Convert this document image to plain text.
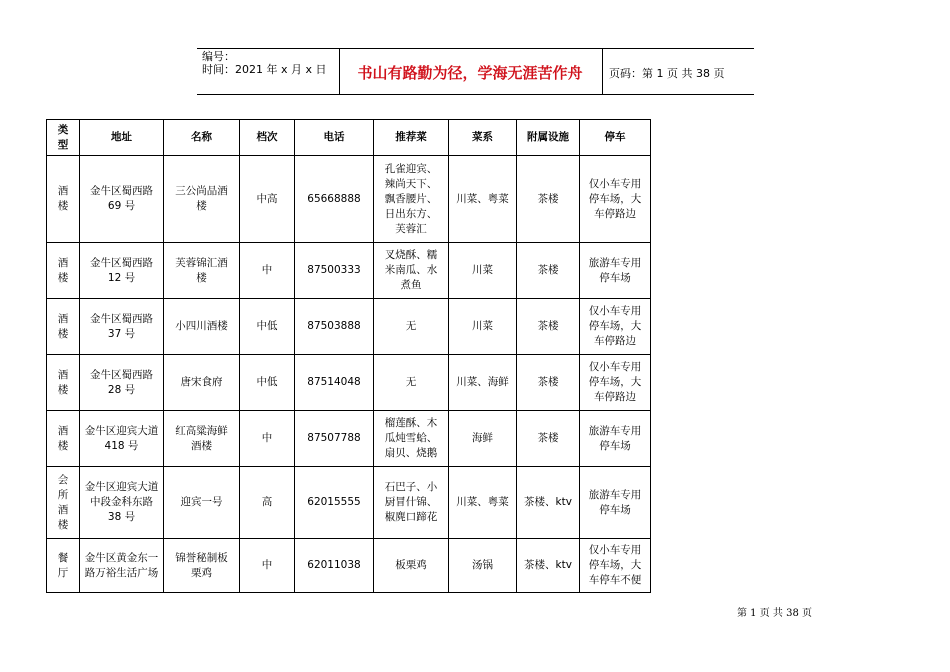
编号：
时间：2021 年 x 月 x 日	书山有路勤为径，学海无涯苦作舟	页码：第 1 页 共 38 页
类
型	地址	名称	档次	电话	推荐菜	菜系	附属设施	停车

酒
楼	金牛区蜀西路
69 号	三公尚品酒
楼	中高	65668888	孔雀迎宾、
辣尚天下、
飘香腰片、
日出东方、
芙蓉汇	川菜、粤菜	茶楼	仅小车专用
停车场，大
车停路边

酒
楼	金牛区蜀西路
12 号	芙蓉锦汇酒
楼	中	87500333	叉烧酥、糯
米南瓜、水
煮鱼	川菜	茶楼	旅游车专用
停车场

酒
楼	金牛区蜀西路
37 号	小四川酒楼	中低	87503888	无	川菜	茶楼	仅小车专用
停车场，大
车停路边

酒
楼	金牛区蜀西路
28 号	唐宋食府	中低	87514048	无	川菜、海鲜	茶楼	仅小车专用
停车场，大
车停路边

酒
楼	金牛区迎宾大道
418 号	红高粱海鲜
酒楼	中	87507788	榴莲酥、木
瓜炖雪蛤、
扇贝、烧鹅	海鲜	茶楼	旅游车专用
停车场

会
所
酒
楼	金牛区迎宾大道
中段金科东路
38 号	迎宾一号	高	62015555	石巴子、小
厨冒什锦、
椒麂口蹄花	川菜、粤菜	茶楼、ktv	旅游车专用
停车场

餐
厅	金牛区黄金东一
路万裕生活广场	锦誉秘制板
栗鸡	中	62011038	板栗鸡	汤锅	茶楼、ktv	仅小车专用
停车场，大
车停车不便
第 1 页 共 38 页
